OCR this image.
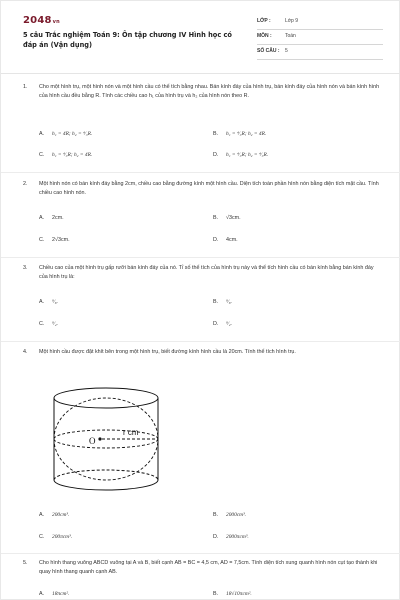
2048vn
5 câu Trắc nghiệm Toán 9: Ôn tập chương IV Hình học có đáp án (Vận dụng)
LỚP :	Lớp 9
MÔN :	Toán
SỐ CÂU : 5
1. Cho một hình trụ, một hình nón và một hình cầu có thể tích bằng nhau. Bán kính đáy của hình trụ, bán kính đáy của hình nón và bán kính hình của hình cầu đều bằng R. Tính các chiều cao h₁ của hình trụ và h₂ của hình nón theo R.
A. h₁ = 4R; h₂ = ⁴⁄₃R.	B. h₁ = ⁴⁄₃R; h₂ = 4R.
C. h₁ = ⁴⁄₃R; h₂ = 4R.	D. h₁ = ⁴⁄₃R; h₂ = ⁴⁄₃R.
2. Một hình nón có bán kính đáy bằng 2cm, chiều cao bằng đường kính một hình cầu. Diện tích toàn phần hình nón bằng diện tích mặt cầu. Tính chiều cao hình nón.
A. 2cm.	B. √3cm.
C. 2√3cm.	D. 4cm.
3. Chiều cao của một hình trụ gấp rưỡi bán kính đáy của nó. Tỉ số thể tích của hình trụ này và thể tích hình cầu có bán kính bằng bán kính đáy của hình trụ là:
A. ⁹⁄₈.	B. ⁹⁄₈.
C. ⁹⁄₄.	D. ⁹⁄₂.
4. Một hình cầu được đặt khít bên trong một hình trụ, biết đường kính hình cầu là 20cm. Tính thể tích hình trụ.
O
r cm
A. 200cm³.	B. 2000cm³.
C. 200πcm³.	D. 2000πcm³.
5. Cho hình thang vuông ABCD vuông tại A và B, biết cạnh AB = BC = 4,5 cm, AD = 7,5cm. Tính diện tích xung quanh hình nón cụt tạo thành khi quay hình thang quanh cạnh AB.
A. 18πcm².	B. 18√10πcm².
